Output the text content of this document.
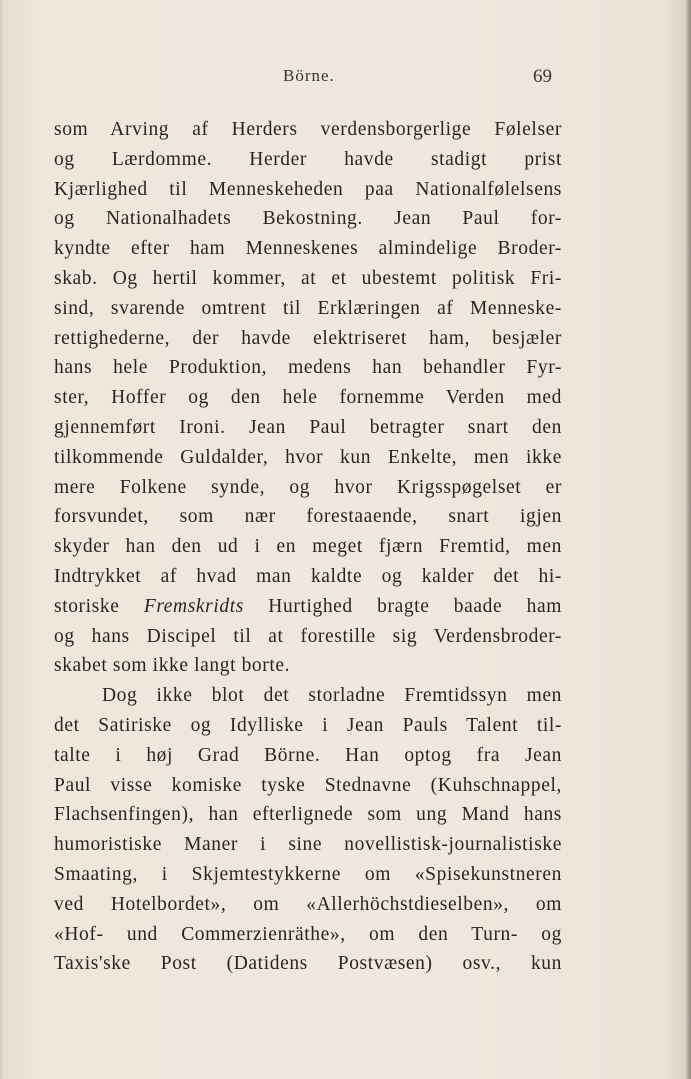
Börne.	69
som Arving af Herders verdensborgerlige Følelser
og Lærdomme. Herder havde stadigt prist
Kjærlighed til Menneskeheden paa Nationalfølelsens
og Nationalhadets Bekostning. Jean Paul for-
kyndte efter ham Menneskenes almindelige Broder-
skab. Og hertil kommer, at et ubestemt politisk Fri-
sind, svarende omtrent til Erklæringen af Menneske-
rettighederne, der havde elektriseret ham, besjæler
hans hele Produktion, medens han behandler Fyr-
ster, Hoffer og den hele fornemme Verden med
gjennemført Ironi. Jean Paul betragter snart den
tilkommende Guldalder, hvor kun Enkelte, men ikke
mere Folkene synde, og hvor Krigsspøgelset er
forsvundet, som nær forestaaende, snart igjen
skyder han den ud i en meget fjærn Fremtid, men
Indtrykket af hvad man kaldte og kalder det hi-
storiske Fremskridts Hurtighed bragte baade ham
og hans Discipel til at forestille sig Verdensbroder-
skabet som ikke langt borte.
Dog ikke blot det storladne Fremtidssyn men
det Satiriske og Idylliske i Jean Pauls Talent til-
talte i høj Grad Börne. Han optog fra Jean
Paul visse komiske tyske Stednavne (Kuhschnappel,
Flachsenfingen), han efterlignede som ung Mand hans
humoristiske Maner i sine novellistisk-journalistiske
Smaating, i Skjemtestykkerne om «Spisekunstneren
ved Hotelbordet», om «Allerhöchstdieselben», om
«Hof- und Commerzienräthe», om den Turn- og
Taxis'ske Post (Datidens Postvæsen) osv., kun
